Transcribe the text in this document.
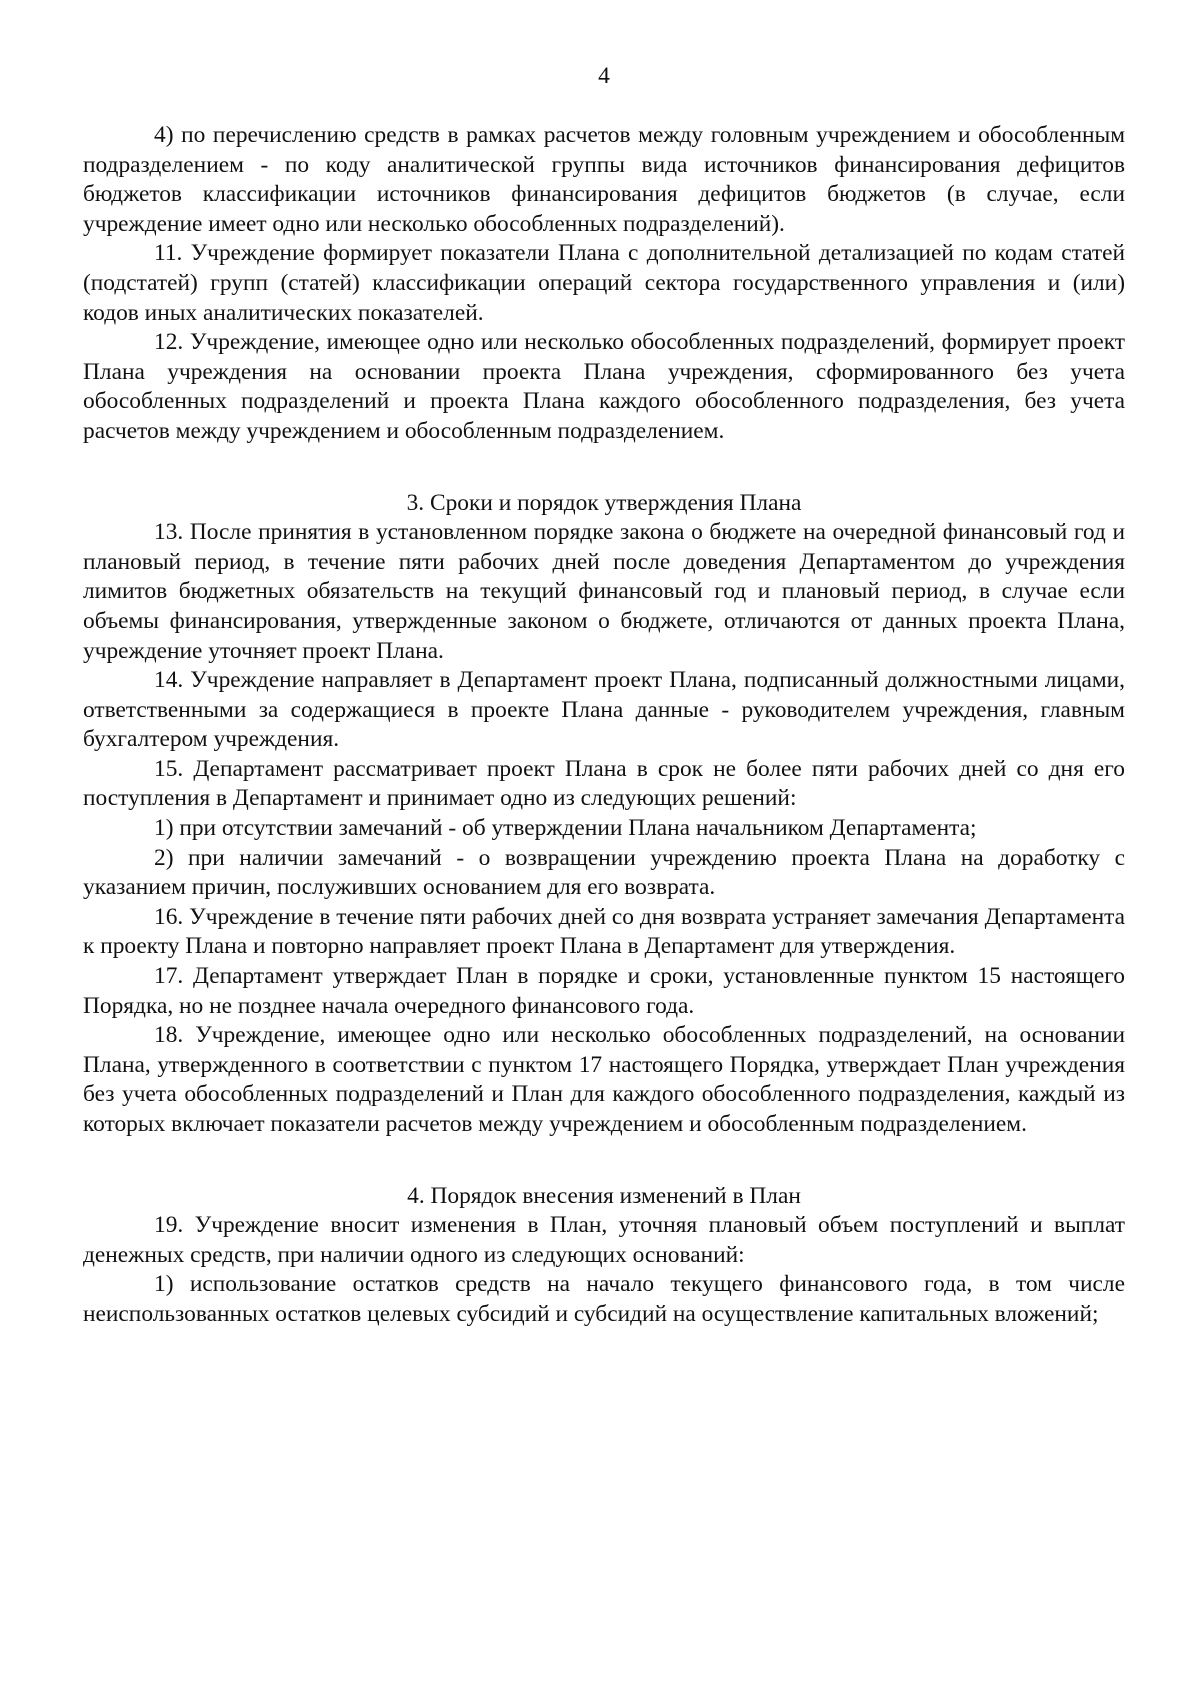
4

4) по перечислению средств в рамках расчетов между головным учреждением и обособленным подразделением - по коду аналитической группы вида источников финансирования дефицитов бюджетов классификации источников финансирования дефицитов бюджетов (в случае, если учреждение имеет одно или несколько обособленных подразделений).

11. Учреждение формирует показатели Плана с дополнительной детализацией по кодам статей (подстатей) групп (статей) классификации операций сектора государственного управления и (или) кодов иных аналитических показателей.

12. Учреждение, имеющее одно или несколько обособленных подразделений, формирует проект Плана учреждения на основании проекта Плана учреждения, сформированного без учета обособленных подразделений и проекта Плана каждого обособленного подразделения, без учета расчетов между учреждением и обособленным подразделением.

3. Сроки и порядок утверждения Плана

13. После принятия в установленном порядке закона о бюджете на очередной финансовый год и плановый период, в течение пяти рабочих дней после доведения Департаментом до учреждения лимитов бюджетных обязательств на текущий финансовый год и плановый период, в случае если объемы финансирования, утвержденные законом о бюджете, отличаются от данных проекта Плана, учреждение уточняет проект Плана.

14. Учреждение направляет в Департамент проект Плана, подписанный должностными лицами, ответственными за содержащиеся в проекте Плана данные - руководителем учреждения, главным бухгалтером учреждения.

15. Департамент рассматривает проект Плана в срок не более пяти рабочих дней со дня его поступления в Департамент и принимает одно из следующих решений:

1) при отсутствии замечаний - об утверждении Плана начальником Департамента;

2) при наличии замечаний - о возвращении учреждению проекта Плана на доработку с указанием причин, послуживших основанием для его возврата.

16. Учреждение в течение пяти рабочих дней со дня возврата устраняет замечания Департамента к проекту Плана и повторно направляет проект Плана в Департамент для утверждения.

17. Департамент утверждает План в порядке и сроки, установленные пунктом 15 настоящего Порядка, но не позднее начала очередного финансового года.

18. Учреждение, имеющее одно или несколько обособленных подразделений, на основании Плана, утвержденного в соответствии с пунктом 17 настоящего Порядка, утверждает План учреждения без учета обособленных подразделений и План для каждого обособленного подразделения, каждый из которых включает показатели расчетов между учреждением и обособленным подразделением.

4. Порядок внесения изменений в План

19. Учреждение вносит изменения в План, уточняя плановый объем поступлений и выплат денежных средств, при наличии одного из следующих оснований:

1) использование остатков средств на начало текущего финансового года, в том числе неиспользованных остатков целевых субсидий и субсидий на осуществление капитальных вложений;
